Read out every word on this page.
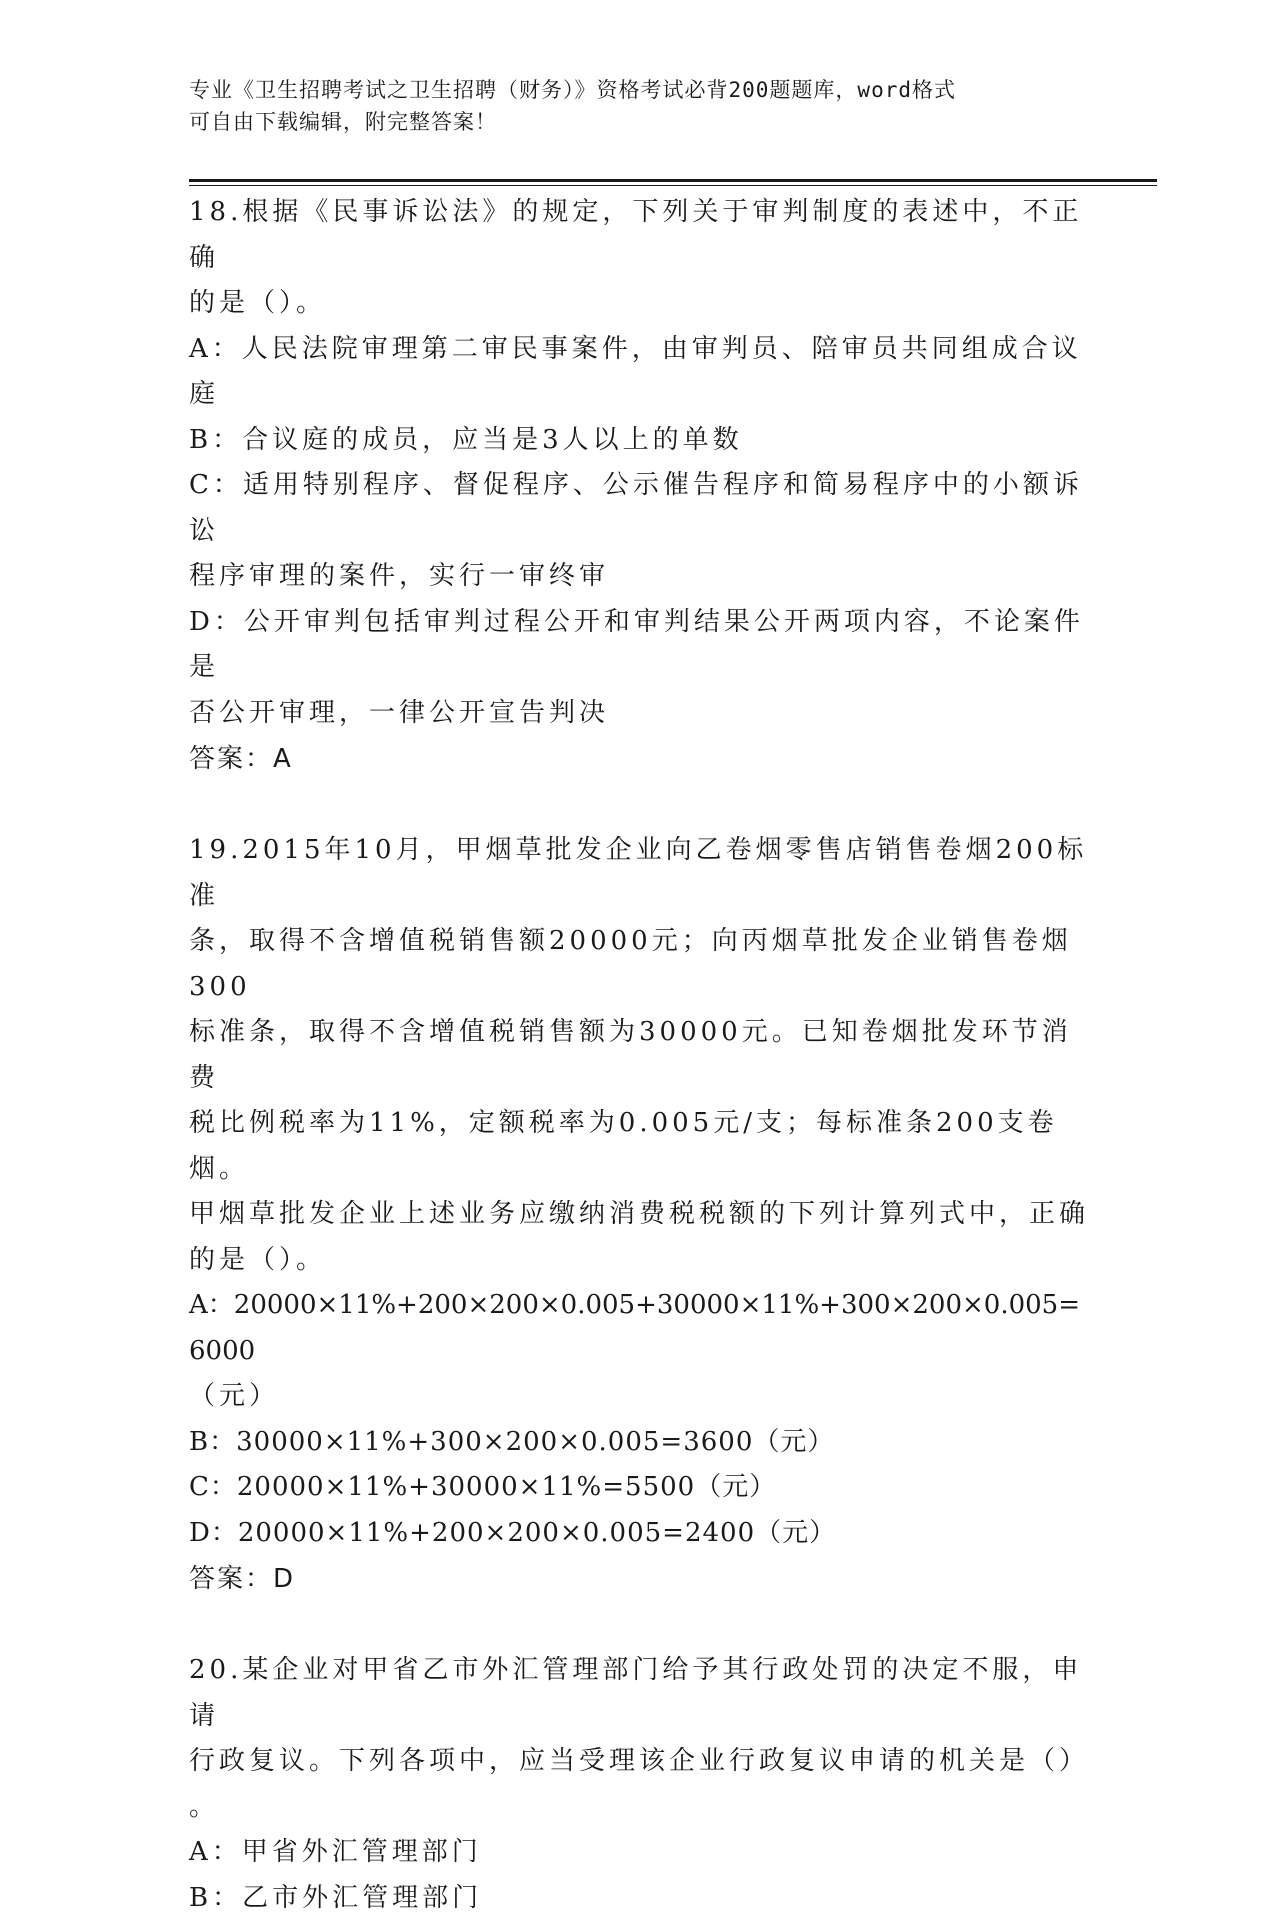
专业《卫生招聘考试之卫生招聘（财务）》资格考试必背200题题库，word格式
可自由下载编辑，附完整答案！
18.根据《民事诉讼法》的规定，下列关于审判制度的表述中，不正确
的是（）。
A：人民法院审理第二审民事案件，由审判员、陪审员共同组成合议庭
B：合议庭的成员，应当是3人以上的单数
C：适用特别程序、督促程序、公示催告程序和简易程序中的小额诉讼
程序审理的案件，实行一审终审
D：公开审判包括审判过程公开和审判结果公开两项内容，不论案件是
否公开审理，一律公开宣告判决
答案：A
19.2015年10月，甲烟草批发企业向乙卷烟零售店销售卷烟200标准
条，取得不含增值税销售额20000元；向丙烟草批发企业销售卷烟300
标准条，取得不含增值税销售额为30000元。已知卷烟批发环节消费
税比例税率为11%，定额税率为0.005元/支；每标准条200支卷烟。
甲烟草批发企业上述业务应缴纳消费税税额的下列计算列式中，正确
的是（）。
A：20000×11%+200×200×0.005+30000×11%+300×200×0.005=6000
（元）
B：30000×11%+300×200×0.005=3600（元）
C：20000×11%+30000×11%=5500（元）
D：20000×11%+200×200×0.005=2400（元）
答案：D
20.某企业对甲省乙市外汇管理部门给予其行政处罚的决定不服，申请
行政复议。下列各项中，应当受理该企业行政复议申请的机关是（）
。
A：甲省外汇管理部门
B：乙市外汇管理部门
